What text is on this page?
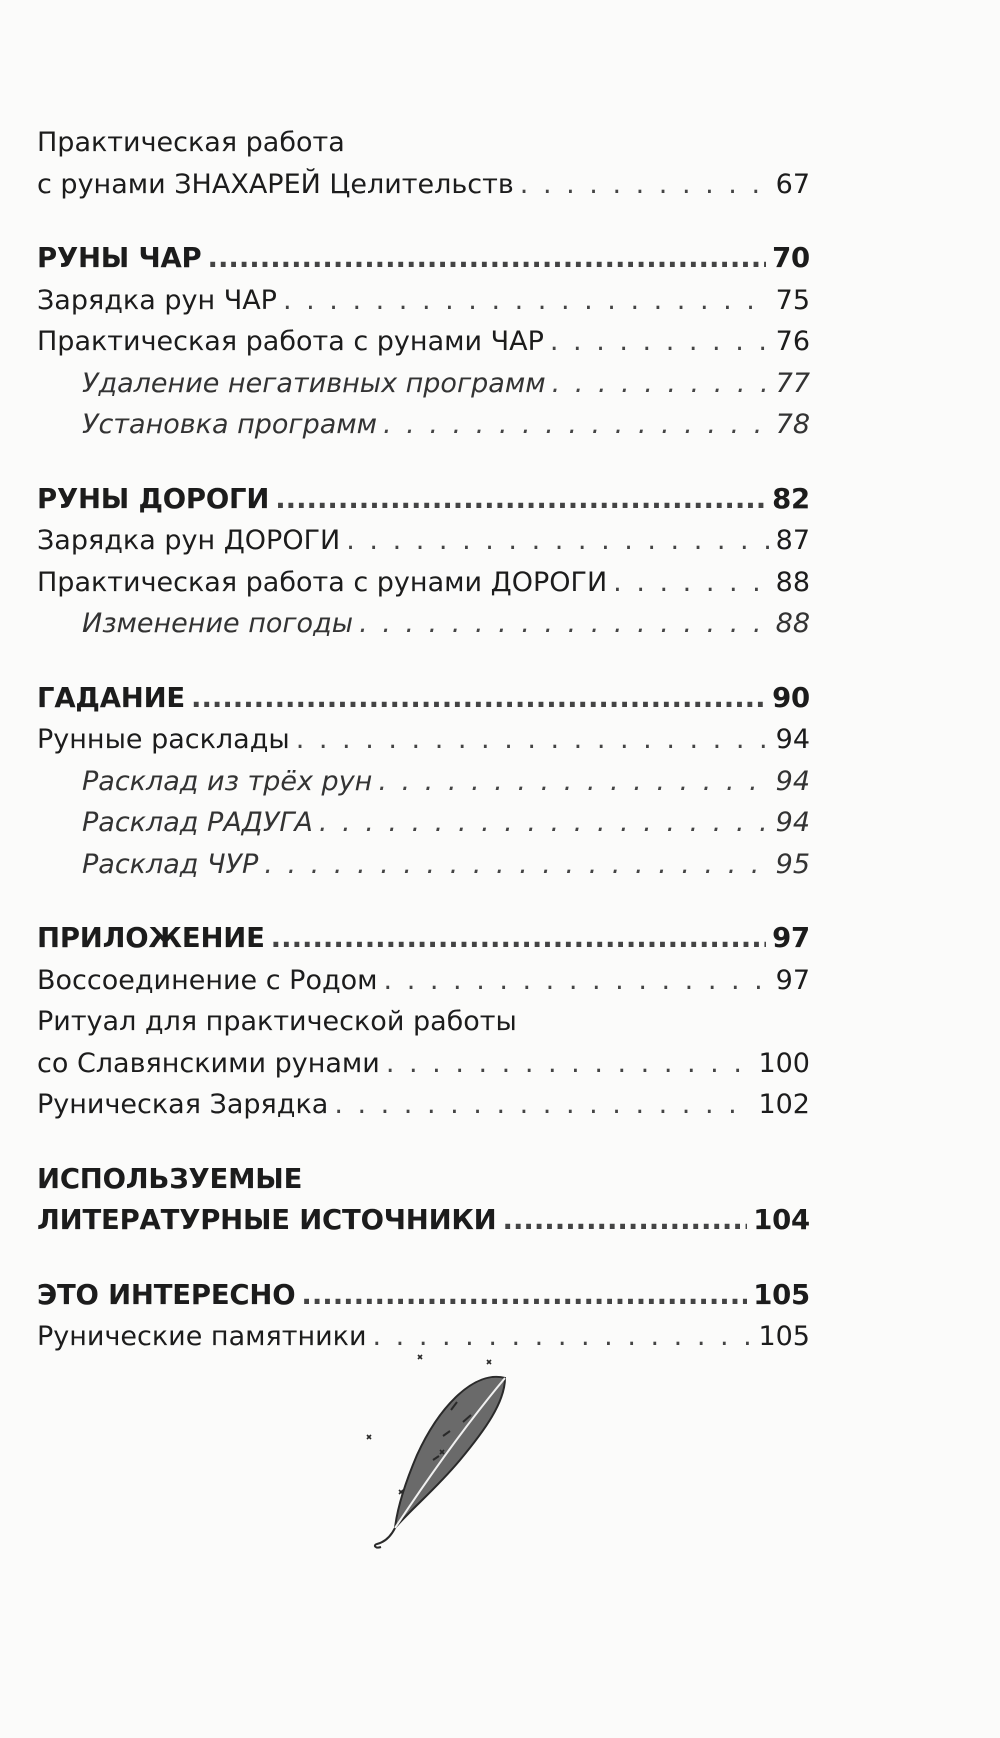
Практическая работа
с рунами ЗНАХАРЕЙ Целительств . . .	67
РУНЫ ЧАР .....	70
Зарядка рун ЧАР . . .	75
Практическая работа с рунами ЧАР . . .	76
Удаление негативных программ . . .	77
Установка программ . . .	78
РУНЫ ДОРОГИ .....	82
Зарядка рун ДОРОГИ . . .	87
Практическая работа с рунами ДОРОГИ . . .	88
Изменение погоды . . .	88
ГАДАНИЕ .....	90
Рунные расклады . . .	94
Расклад из трёх рун . . .	94
Расклад РАДУГА . . .	94
Расклад ЧУР . . .	95
ПРИЛОЖЕНИЕ .....	97
Воссоединение с Родом . . .	97
Ритуал для практической работы
со Славянскими рунами . . .	100
Руническая Зарядка . . .	102
ИСПОЛЬЗУЕМЫЕ
ЛИТЕРАТУРНЫЕ ИСТОЧНИКИ .....	104
ЭТО ИНТЕРЕСНО .....	105
Рунические памятники . . .	105
